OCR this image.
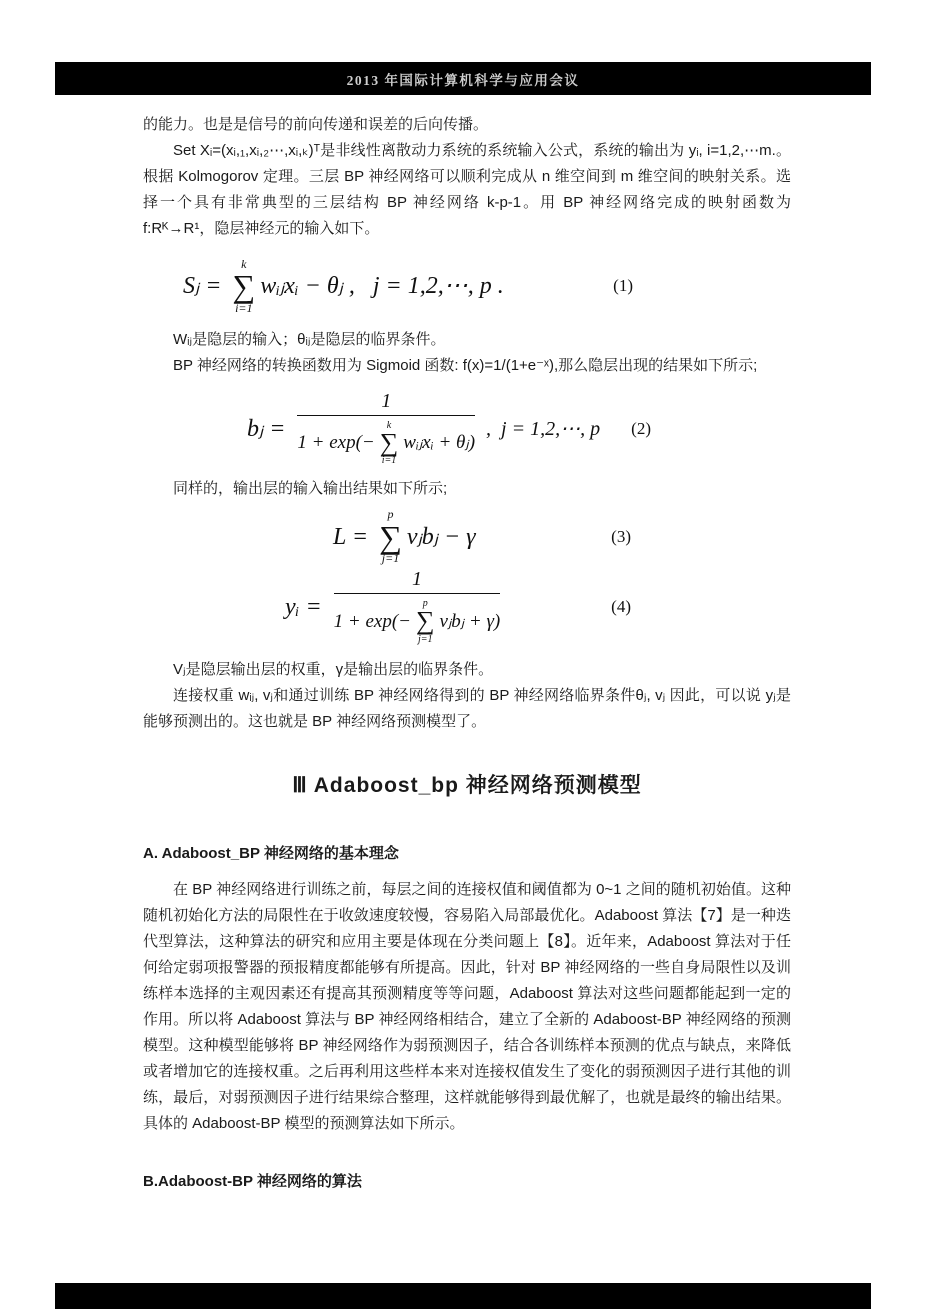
2013 年国际计算机科学与应用会议

的能力。也是是信号的前向传递和误差的后向传播。

Set Xᵢ=(xᵢ,₁,xᵢ,₂⋯,xᵢ,ₖ)ᵀ是非线性离散动力系统的系统输入公式，系统的输出为 yᵢ, i=1,2,⋯m.。根据 Kolmogorov 定理。三层 BP 神经网络可以顺利完成从 n 维空间到 m 维空间的映射关系。选择一个具有非常典型的三层结构 BP 神经网络 k-p-1。用 BP 神经网络完成的映射函数为 f:Rᴷ→R¹，隐层神经元的输入如下。

Sⱼ =
k
∑
i=1
wᵢⱼxᵢ − θⱼ ,   j = 1,2,⋯, p .	(1)

Wᵢⱼ是隐层的输入；θᵢⱼ是隐层的临界条件。

BP 神经网络的转换函数用为 Sigmoid 函数: f(x)=1/(1+e⁻ˣ),那么隐层出现的结果如下所示;

bⱼ =
1
1 + exp(−
k
∑
i=1
wᵢⱼxᵢ + θⱼ)
,  j = 1,2,⋯, p (2)

同样的，输出层的输入输出结果如下所示;

L =
p
∑
j=1
vⱼbⱼ − γ	(3)
yᵢ =
1
1 + exp(−
p
∑
j=1
vⱼbⱼ + γ)
(4)

Vⱼ是隐层输出层的权重，γ是输出层的临界条件。

连接权重 wᵢⱼ, vⱼ和通过训练 BP 神经网络得到的 BP 神经网络临界条件θⱼ, vⱼ 因此，可以说 yⱼ是能够预测出的。这也就是 BP 神经网络预测模型了。

Ⅲ Adaboost_bp 神经网络预测模型
A. Adaboost_BP 神经网络的基本理念

在 BP 神经网络进行训练之前，每层之间的连接权值和阈值都为 0~1 之间的随机初始值。这种随机初始化方法的局限性在于收敛速度较慢，容易陷入局部最优化。Adaboost 算法【7】是一种迭代型算法，这种算法的研究和应用主要是体现在分类问题上【8】。近年来，Adaboost 算法对于任何给定弱项报警器的预报精度都能够有所提高。因此，针对 BP 神经网络的一些自身局限性以及训练样本选择的主观因素还有提高其预测精度等等问题，Adaboost 算法对这些问题都能起到一定的作用。所以将 Adaboost 算法与 BP 神经网络相结合，建立了全新的 Adaboost-BP 神经网络的预测模型。这种模型能够将 BP 神经网络作为弱预测因子，结合各训练样本预测的优点与缺点，来降低或者增加它的连接权重。之后再利用这些样本来对连接权值发生了变化的弱预测因子进行其他的训练，最后，对弱预测因子进行结果综合整理，这样就能够得到最优解了，也就是最终的输出结果。具体的 Adaboost-BP 模型的预测算法如下所示。

B.Adaboost-BP 神经网络的算法
